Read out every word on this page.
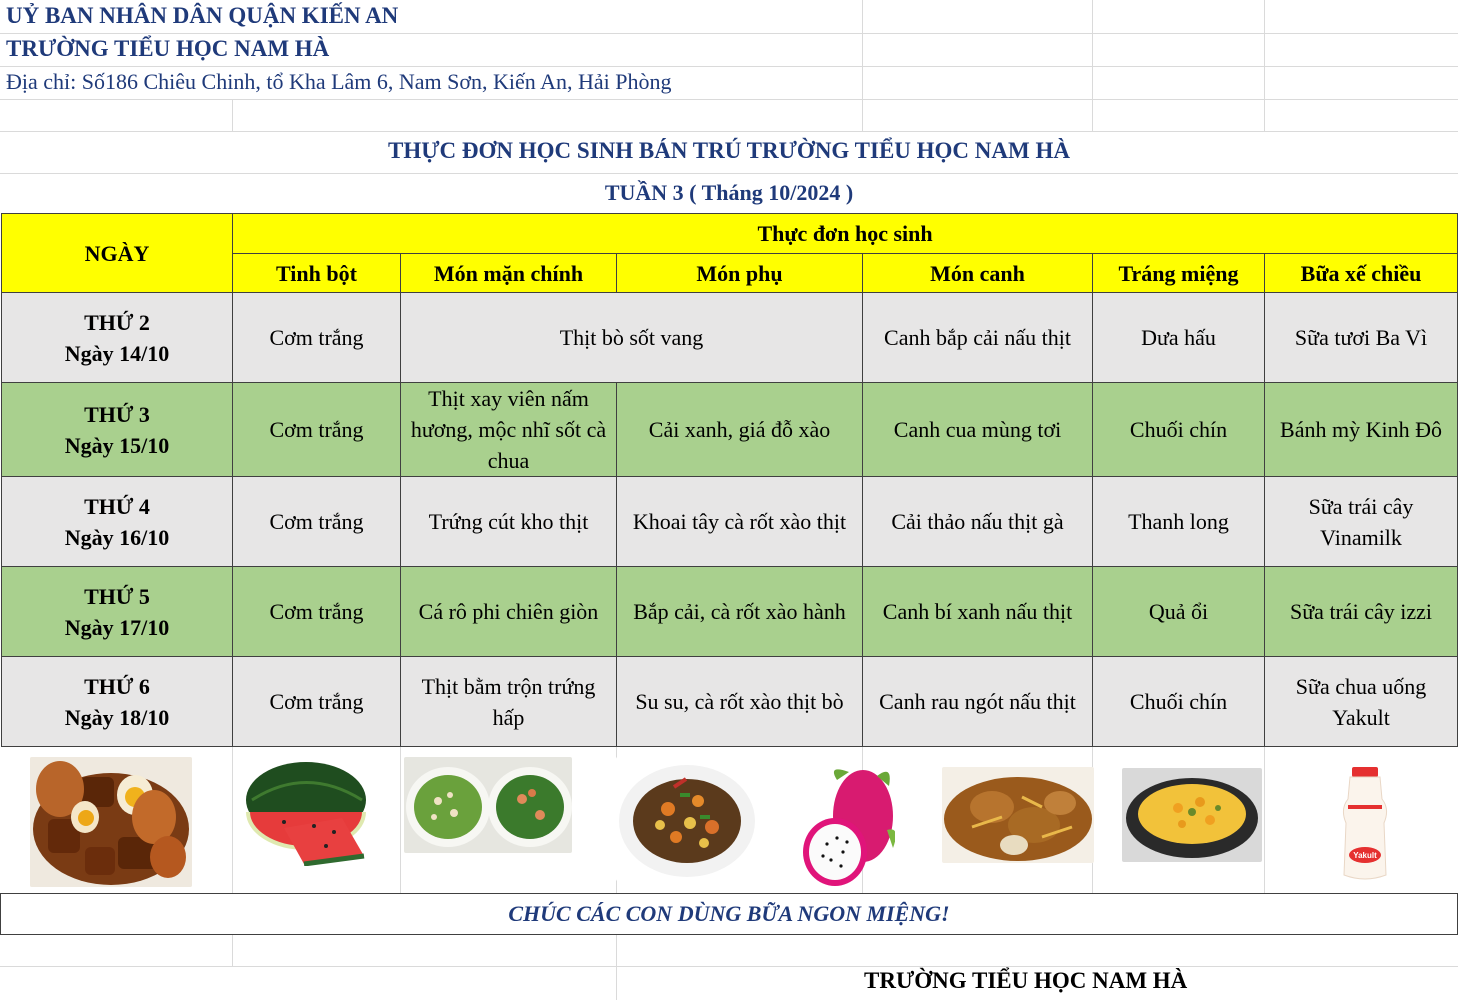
UỶ BAN NHÂN DÂN QUẬN KIẾN AN
TRƯỜNG TIỂU HỌC NAM HÀ
Địa chỉ: Số186 Chiêu Chinh, tổ Kha Lâm 6, Nam Sơn, Kiến An, Hải Phòng
THỰC ĐƠN HỌC SINH BÁN TRÚ TRƯỜNG TIỂU HỌC NAM HÀ
TUẦN 3 ( Tháng 10/2024 )
NGÀY	Thực đơn học sinh					
	Tinh bột	Món mặn chính	Món phụ	Món canh	Tráng miệng	Bữa xế chiều

THỨ 2
Ngày 14/10	Cơm trắng	Thịt bò sốt vang		Canh bắp cải nấu thịt	Dưa hấu	Sữa tươi Ba Vì

THỨ 3
Ngày 15/10	Cơm trắng	Thịt xay viên nấm hương, mộc nhĩ sốt cà chua	Cải xanh, giá đỗ xào	Canh cua mùng tơi	Chuối chín	Bánh mỳ Kinh Đô

THỨ 4
Ngày 16/10	Cơm trắng	Trứng cút kho thịt	Khoai tây cà rốt xào thịt	Cải thảo nấu thịt gà	Thanh long	Sữa trái cây Vinamilk

THỨ 5
Ngày 17/10	Cơm trắng	Cá rô phi chiên giòn	Bắp cải, cà rốt xào hành	Canh bí xanh nấu thịt	Quả ổi	Sữa trái cây izzi

THỨ 6
Ngày 18/10	Cơm trắng	Thịt bằm trộn trứng hấp	Su su, cà rốt xào thịt bò	Canh rau ngót nấu thịt	Chuối chín	Sữa chua uống Yakult
Yakult
CHÚC CÁC CON DÙNG BỮA NGON MIỆNG!
TRƯỜNG TIỂU HỌC NAM HÀ
